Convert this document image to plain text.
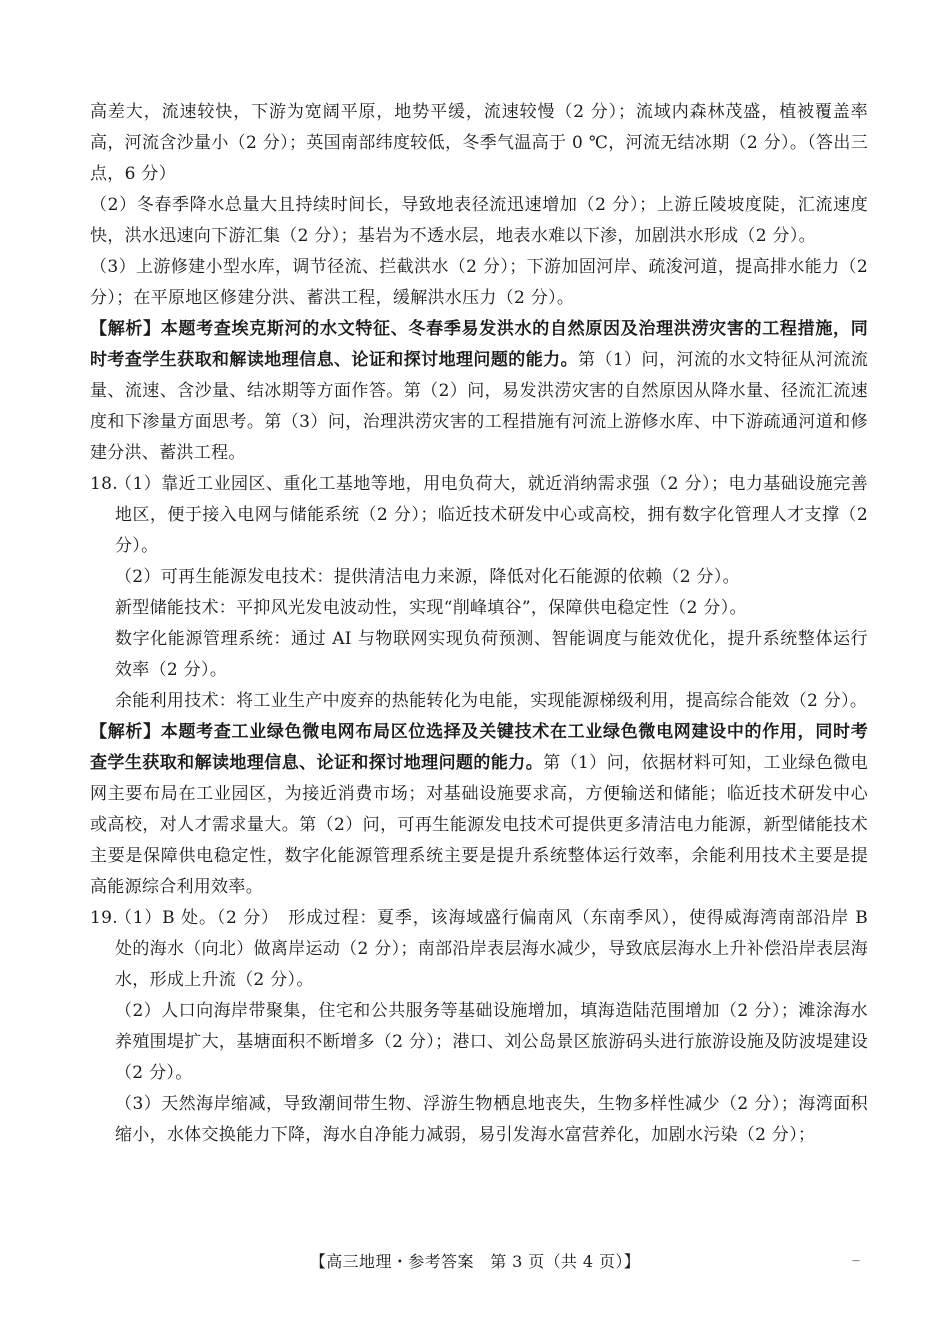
高差大，流速较快，下游为宽阔平原，地势平缓，流速较慢（2 分）；流域内森林茂盛，植被覆盖率高，河流含沙量小（2 分）；英国南部纬度较低，冬季气温高于 0 ℃，河流无结冰期（2 分）。（答出三点，6 分）

（2）冬春季降水总量大且持续时间长，导致地表径流迅速增加（2 分）；上游丘陵坡度陡，汇流速度快，洪水迅速向下游汇集（2 分）；基岩为不透水层，地表水难以下渗，加剧洪水形成（2 分）。

（3）上游修建小型水库，调节径流、拦截洪水（2 分）；下游加固河岸、疏浚河道，提高排水能力（2 分）；在平原地区修建分洪、蓄洪工程，缓解洪水压力（2 分）。

【解析】本题考查埃克斯河的水文特征、冬春季易发洪水的自然原因及治理洪涝灾害的工程措施，同时考查学生获取和解读地理信息、论证和探讨地理问题的能力。第（1）问，河流的水文特征从河流流量、流速、含沙量、结冰期等方面作答。第（2）问，易发洪涝灾害的自然原因从降水量、径流汇流速度和下渗量方面思考。第（3）问，治理洪涝灾害的工程措施有河流上游修水库、中下游疏通河道和修建分洪、蓄洪工程。

18.

（1）靠近工业园区、重化工基地等地，用电负荷大，就近消纳需求强（2 分）；电力基础设施完善地区，便于接入电网与储能系统（2 分）；临近技术研发中心或高校，拥有数字化管理人才支撑（2 分）。

（2）可再生能源发电技术：提供清洁电力来源，降低对化石能源的依赖（2 分）。

新型储能技术：平抑风光发电波动性，实现“削峰填谷”，保障供电稳定性（2 分）。

数字化能源管理系统：通过 AI 与物联网实现负荷预测、智能调度与能效优化，提升系统整体运行效率（2 分）。

余能利用技术：将工业生产中废弃的热能转化为电能，实现能源梯级利用，提高综合能效（2 分）。

【解析】本题考查工业绿色微电网布局区位选择及关键技术在工业绿色微电网建设中的作用，同时考查学生获取和解读地理信息、论证和探讨地理问题的能力。第（1）问，依据材料可知，工业绿色微电网主要布局在工业园区，为接近消费市场；对基础设施要求高，方便输送和储能；临近技术研发中心或高校，对人才需求量大。第（2）问，可再生能源发电技术可提供更多清洁电力能源，新型储能技术主要是保障供电稳定性，数字化能源管理系统主要是提升系统整体运行效率，余能利用技术主要是提高能源综合利用效率。

19.

（1）B 处。（2 分）　形成过程：夏季，该海域盛行偏南风（东南季风），使得威海湾南部沿岸 B 处的海水（向北）做离岸运动（2 分）；南部沿岸表层海水减少，导致底层海水上升补偿沿岸表层海水，形成上升流（2 分）。

（2）人口向海岸带聚集，住宅和公共服务等基础设施增加，填海造陆范围增加（2 分）；滩涂海水养殖围堤扩大，基塘面积不断增多（2 分）；港口、刘公岛景区旅游码头进行旅游设施及防波堤建设（2 分）。

（3）天然海岸缩减，导致潮间带生物、浮游生物栖息地丧失，生物多样性减少（2 分）；海湾面积缩小，水体交换能力下降，海水自净能力减弱，易引发海水富营养化，加剧水污染（2 分）；

【高三地理・参考答案　第 3 页（共 4 页）】	—
